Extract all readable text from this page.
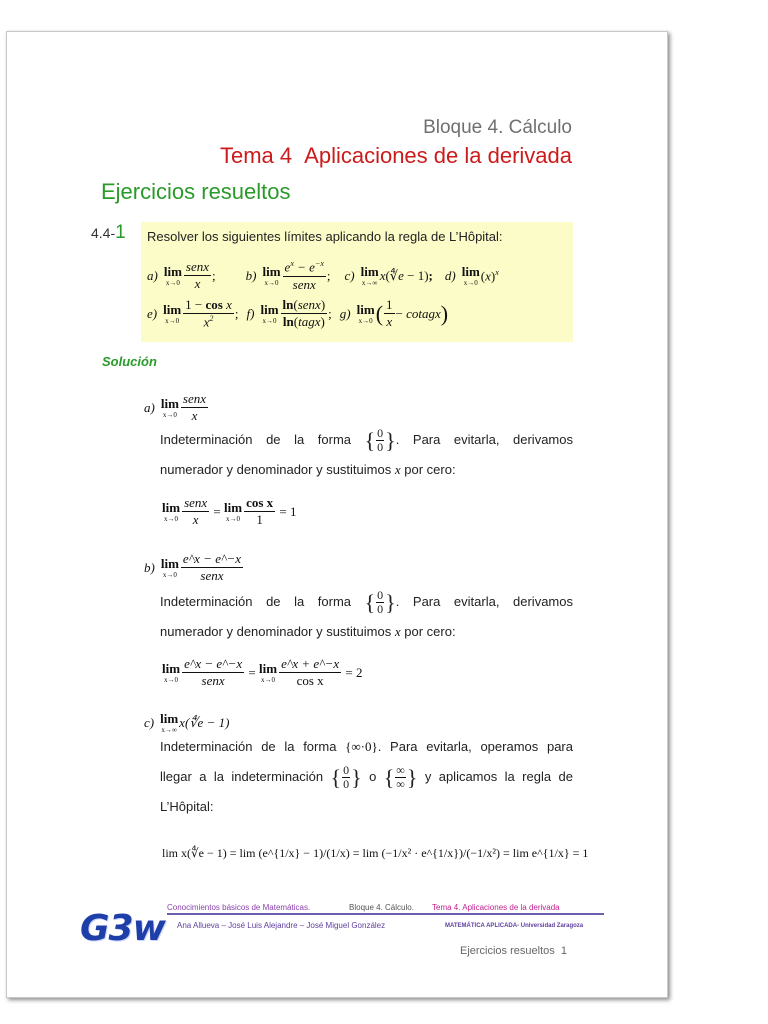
Bloque 4. Cálculo
Tema 4 Aplicaciones de la derivada
Ejercicios resueltos
4.4-1 Resolver los siguientes límites aplicando la regla de L’Hôpital:
a) lim
$x\to 0 \frac{\text{senx}}{x}$ ; b) lim
$x\to 0 \frac{e^x - e^{-x}}{\text{senx}}$ ; c) lim
x→∞ x (∜e − 1) ; d) lim
x→0 $(x)^x$
e) lim
$x\to 0 \frac{\text{1 − cos x}}{x^2}$ ; f) lim
$x\to 0 \frac{\text{ln(senx)}}{\text{ln(tagx)}}$ ; g) lim
x→0 ( $\frac{1}{x}$ − cotagx )
Solución
a) lim
$x\to 0 \frac{\text{senx}}{x}$
Indeterminación de la forma { 0
0 }. Para evitarla, derivamos
numerador y denominador y sustituimos x por cero:
lim
$x\to 0 \frac{\text{senx}}{x} = \lim$
$x\to 0 \frac{\text{cos x}}{1}$
= 1
b) lim
$x\to 0 \frac{e\^{}x - e\^{}-x}{\text{senx}}$
Indeterminación de la forma { 0
0 }. Para evitarla, derivamos
numerador y denominador y sustituimos x por cero:
lim
$x\to 0 \frac{e\^{}x - e\^{}-x}{\text{senx}} = \lim$
$x\to 0 \frac{e\^{}x + e\^{}-x}{\text{cos x}}$
= 2
c) lim
x→∞ x(∜e − 1)
Indeterminación de la forma {∞·0}. Para evitarla, operamos para
llegar a la indeterminación { 0
0 } o { ∞
∞ } y aplicamos la regla de
L’Hôpital:
lim x(∜e − 1) = lim (e^{1/x} − 1)/(1/x) = lim (−1/x² · e^{1/x})/(−1/x²) = lim e^{1/x} = 1
G3w
Conocimientos básicos de Matemáticas.	Bloque 4. Cálculo. Tema 4. Aplicaciones de la derivada
Ana Allueva – José Luis Alejandre – José Miguel González	MATEMÁTICA APLICADA- Universidad Zaragoza
Ejercicios resueltos 1
